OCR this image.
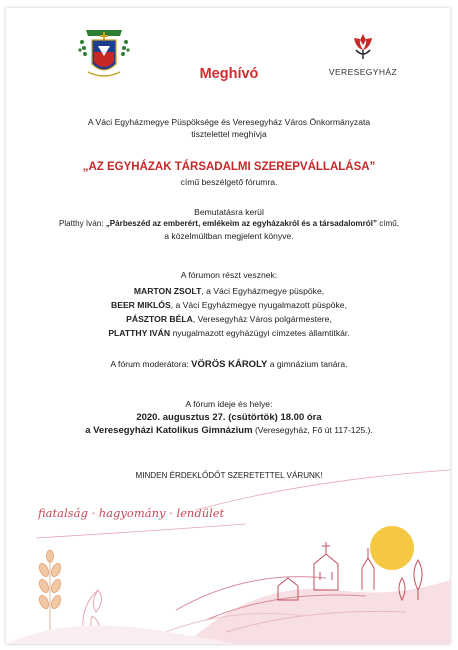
VERESEGYHÁZ
Meghívó
A Váci Egyházmegye Püspöksége és Veresegyház Város Önkormányzata
tisztelettel meghívja
„AZ EGYHÁZAK TÁRSADALMI SZEREPVÁLLALÁSA”
című beszélgető fórumra.
Bemutatásra kerül
Platthy Iván: „Párbeszéd az emberért, emlékeim az egyházakról és a társadalomról” című,
a közelmúltban megjelent könyve.
A fórumon részt vesznek:
MARTON ZSOLT, a Váci Egyházmegye püspöke,
BEER MIKLÓS, a Váci Egyházmegye nyugalmazott püspöke,
PÁSZTOR BÉLA, Veresegyház Város polgármestere,
PLATTHY IVÁN nyugalmazott egyházügyi címzetes államtitkár.
A fórum moderátora: VÖRÖS KÁROLY a gimnázium tanára.
A fórum ideje és helye:
2020. augusztus 27. (csütörtök) 18.00 óra
a Veresegyházi Katolikus Gimnázium (Veresegyház, Fő út 117-125.).
MINDEN ÉRDEKLŐDŐT SZERETETTEL VÁRUNK!
fiatalság · hagyomány · lendület
